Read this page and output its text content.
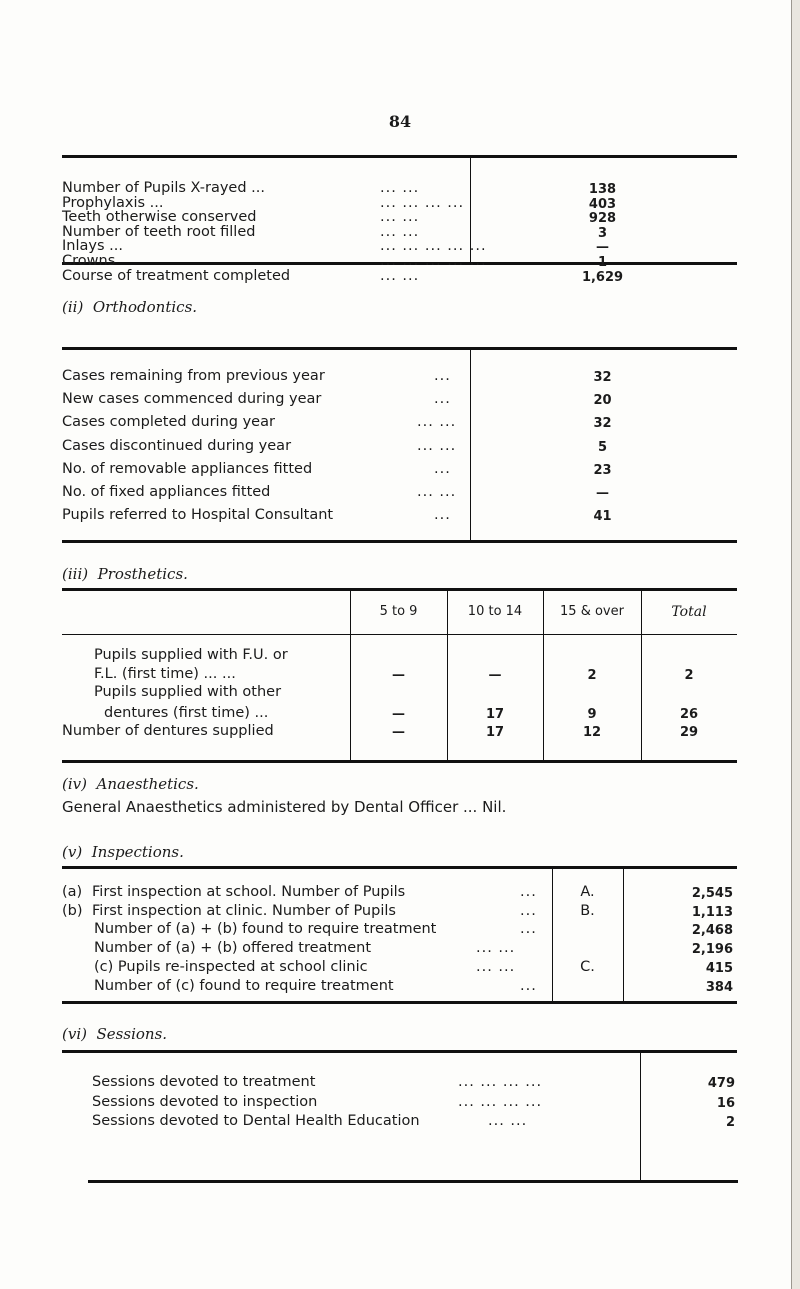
84
Number of Pupils X-rayed ...	... ...	138
Prophylaxis ...	... ... ... ...	403
Teeth otherwise conserved	... ...	928
Number of teeth root filled	... ...	3
Inlays ...	... ... ... ... ...	—
Crowns	... ... ... ... ...	1
Course of treatment completed	... ...	1,629
(ii) Orthodontics.
Cases remaining from previous year	...	32
New cases commenced during year	...	20
Cases completed during year	... ...	32
Cases discontinued during year	... ...	5
No. of removable appliances fitted	...	23
No. of fixed appliances fitted	... ...	—
Pupils referred to Hospital Consultant	...	41
(iii) Prosthetics.
5 to 9	10 to 14	15 & over	Total
Pupils supplied with F.U. or
F.L. (first time) ... ...	—	—	2	2
Pupils supplied with other
dentures (first time) ...	—	17	9	26
Number of dentures supplied	—	17	12	29
(iv) Anaesthetics.
General Anaesthetics administered by Dental Officer ... Nil.
(v) Inspections.
(a) First inspection at school. Number of Pupils	...	A.	2,545
(b) First inspection at clinic. Number of Pupils	...	B.	1,113
Number of (a) + (b) found to require treatment	...	2,468
Number of (a) + (b) offered treatment	... ...	2,196
(c) Pupils re-inspected at school clinic	... ...	C.	415
Number of (c) found to require treatment	...	384
(vi) Sessions.
Sessions devoted to treatment	... ... ... ...	479
Sessions devoted to inspection	... ... ... ...	16
Sessions devoted to Dental Health Education	... ...	2
